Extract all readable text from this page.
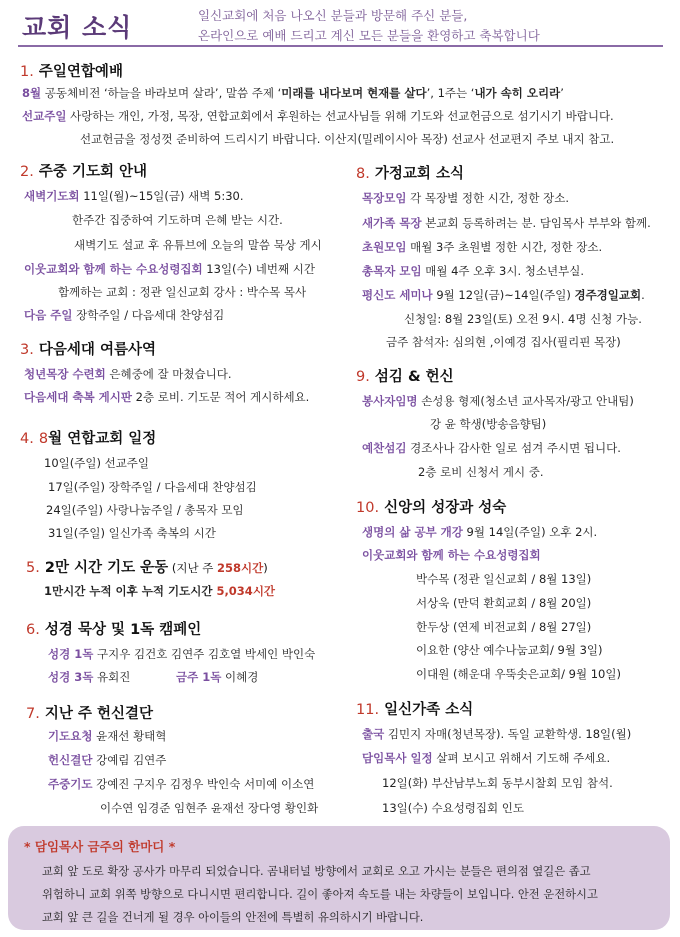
교회 소식	일신교회에 처음 나오신 분들과 방문해 주신 분들,
온라인으로 예배 드리고 계신 모든 분들을 환영하고 축복합니다
1. 주일연합예배
8월 공동체비전 ‘하늘을 바라보며 살라’, 말씀 주제 ‘미래를 내다보며 현재를 살다’, 1주는 ‘내가 속히 오리라’
선교주일 사랑하는 개인, 가정, 목장, 연합교회에서 후원하는 선교사님들 위해 기도와 선교헌금으로 섬기시기 바랍니다.
선교헌금을 정성껏 준비하여 드리시기 바랍니다. 이산지(밀레이시아 목장) 선교사 선교편지 주보 내지 참고.
2. 주중 기도회 안내
새벽기도회 11일(월)~15일(금) 새벽 5:30.
한주간 집중하여 기도하며 은혜 받는 시간.
새벽기도 설교 후 유튜브에 오늘의 말씀 묵상 게시
이웃교회와 함께 하는 수요성령집회 13일(수) 네번째 시간
함께하는 교회 : 정관 일신교회 강사 : 박수목 목사
다음 주일 장학주일 / 다음세대 찬양섬김
3. 다음세대 여름사역
청년목장 수련회 은혜중에 잘 마쳤습니다.
다음세대 축복 게시판 2층 로비. 기도문 적어 게시하세요.
4. 8월 연합교회 일정
10일(주일) 선교주일
17일(주일) 장학주일 / 다음세대 찬양섬김
24일(주일) 사랑나눔주일 / 총목자 모임
31일(주일) 일신가족 축복의 시간
5. 2만 시간 기도 운동 (지난 주 258시간)
1만시간 누적 이후 누적 기도시간 5,034시간
6. 성경 묵상 및 1독 캠페인
성경 1독 구지우 김건호 김연주 김호열 박세인 박인숙
성경 3독 유회진	금주 1독 이혜경
7. 지난 주 헌신결단
기도요청 윤재선 황태혁
헌신결단 강예림 김연주
주중기도 강예진 구지우 김정우 박인숙 서미예 이소연
이수연 임경준 임현주 윤재선 장다영 황인화
8. 가정교회 소식
목장모임 각 목장별 정한 시간, 정한 장소.
새가족 목장 본교회 등록하려는 분. 담임목사 부부와 함께.
초원모임 매월 3주 초원별 정한 시간, 정한 장소.
총목자 모임 매월 4주 오후 3시. 청소년부실.
평신도 세미나 9월 12일(금)~14일(주일) 경주경일교회.
신청일: 8월 23일(토) 오전 9시. 4명 신청 가능.
금주 참석자: 심의현 ,이예경 집사(필리핀 목장)
9. 섬김 & 헌신
봉사자임명 손성용 형제(청소년 교사목자/광고 안내팀)
강 윤 학생(방송음향팀)
예찬섬김 경조사나 감사한 일로 섬겨 주시면 됩니다.
2층 로비 신청서 게시 중.
10. 신앙의 성장과 성숙
생명의 삶 공부 개강 9월 14일(주일) 오후 2시.
이웃교회와 함께 하는 수요성령집회
박수목 (정관 일신교회 / 8월 13일)
서상욱 (만덕 환희교회 / 8월 20일)
한두상 (연제 비전교회 / 8월 27일)
이요한 (양산 예수나눔교회/ 9월 3일)
이대원 (해운대 우뚝솟은교회/ 9월 10일)
11. 일신가족 소식
출국 김민지 자매(청년목장). 독일 교환학생. 18일(월)
담임목사 일정 살펴 보시고 위해서 기도해 주세요.
12일(화) 부산남부노회 동부시찰회 모임 참석.
13일(수) 수요성령집회 인도
* 담임목사 금주의 한마디 *
교회 앞 도로 확장 공사가 마무리 되었습니다. 곰내터널 방향에서 교회로 오고 가시는 분들은 편의점 옆길은 좁고
위험하니 교회 위쪽 방향으로 다니시면 편리합니다. 길이 좋아져 속도를 내는 차량들이 보입니다. 안전 운전하시고
교회 앞 큰 길을 건너게 될 경우 아이들의 안전에 특별히 유의하시기 바랍니다.
